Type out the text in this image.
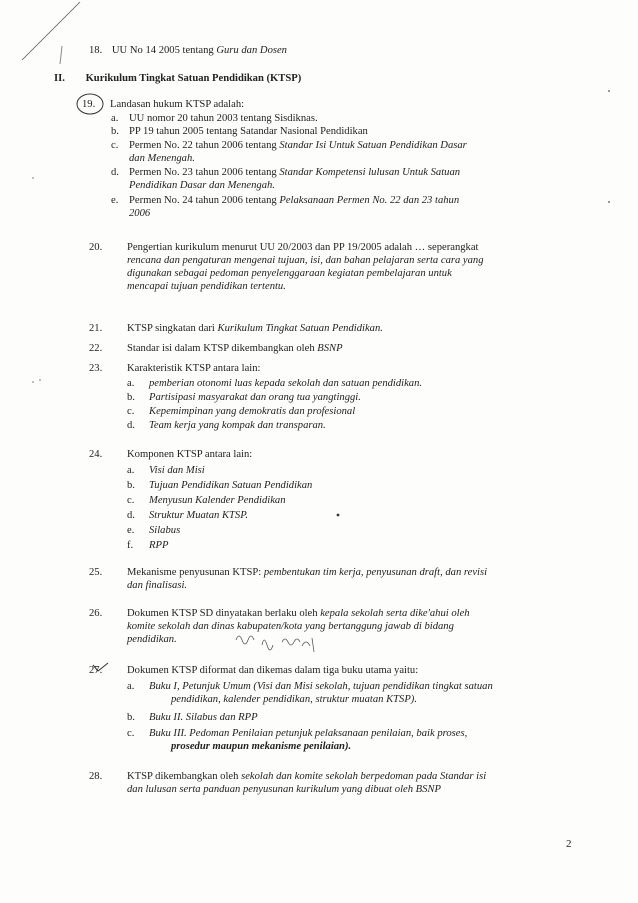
18. UU No 14 2005 tentang Guru dan Dosen
II. Kurikulum Tingkat Satuan Pendidikan (KTSP)
19. Landasan hukum KTSP adalah:
a. UU nomor 20 tahun 2003 tentang Sisdiknas.
b. PP 19 tahun 2005 tentang Satandar Nasional Pendidikan
c. Permen No. 22 tahun 2006 tentang Standar Isi Untuk Satuan Pendidikan Dasar
dan Menengah.
d. Permen No. 23 tahun 2006 tentang Standar Kompetensi lulusan Untuk Satuan
Pendidikan Dasar dan Menengah.
e. Permen No. 24 tahun 2006 tentang Pelaksanaan Permen No. 22 dan 23 tahun
2006
20. Pengertian kurikulum menurut UU 20/2003 dan PP 19/2005 adalah … seperangkat
rencana dan pengaturan mengenai tujuan, isi, dan bahan pelajaran serta cara yang
digunakan sebagai pedoman penyelenggaraan kegiatan pembelajaran untuk
mencapai tujuan pendidikan tertentu.
21. KTSP singkatan dari Kurikulum Tingkat Satuan Pendidikan.
22. Standar isi dalam KTSP dikembangkan oleh BSNP
23. Karakteristik KTSP antara lain:
a. pemberian otonomi luas kepada sekolah dan satuan pendidikan.
b. Partisipasi masyarakat dan orang tua yangtinggi.
c. Kepemimpinan yang demokratis dan profesional
d. Team kerja yang kompak dan transparan.
24. Komponen KTSP antara lain:
a. Visi dan Misi
b. Tujuan Pendidikan Satuan Pendidikan
c. Menyusun Kalender Pendidikan
d. Struktur Muatan KTSP.
e. Silabus
f. RPP
25. Mekanisme penyusunan KTSP: pembentukan tim kerja, penyusunan draft, dan revisi
dan finalisasi.
26. Dokumen KTSP SD dinyatakan berlaku oleh kepala sekolah serta dike'ahui oleh
komite sekolah dan dinas kabupaten/kota yang bertanggung jawab di bidang
pendidikan.
27. Dokumen KTSP diformat dan dikemas dalam tiga buku utama yaitu:
a. Buku I, Petunjuk Umum (Visi dan Misi sekolah, tujuan pendidikan tingkat satuan
pendidikan, kalender pendidikan, struktur muatan KTSP).
b. Buku II. Silabus dan RPP
c. Buku III. Pedoman Penilaian petunjuk pelaksanaan penilaian, baik proses,
prosedur maupun mekanisme penilaian).
28. KTSP dikembangkan oleh sekolah dan komite sekolah berpedoman pada Standar isi
dan lulusan serta panduan penyusunan kurikulum yang dibuat oleh BSNP
2
